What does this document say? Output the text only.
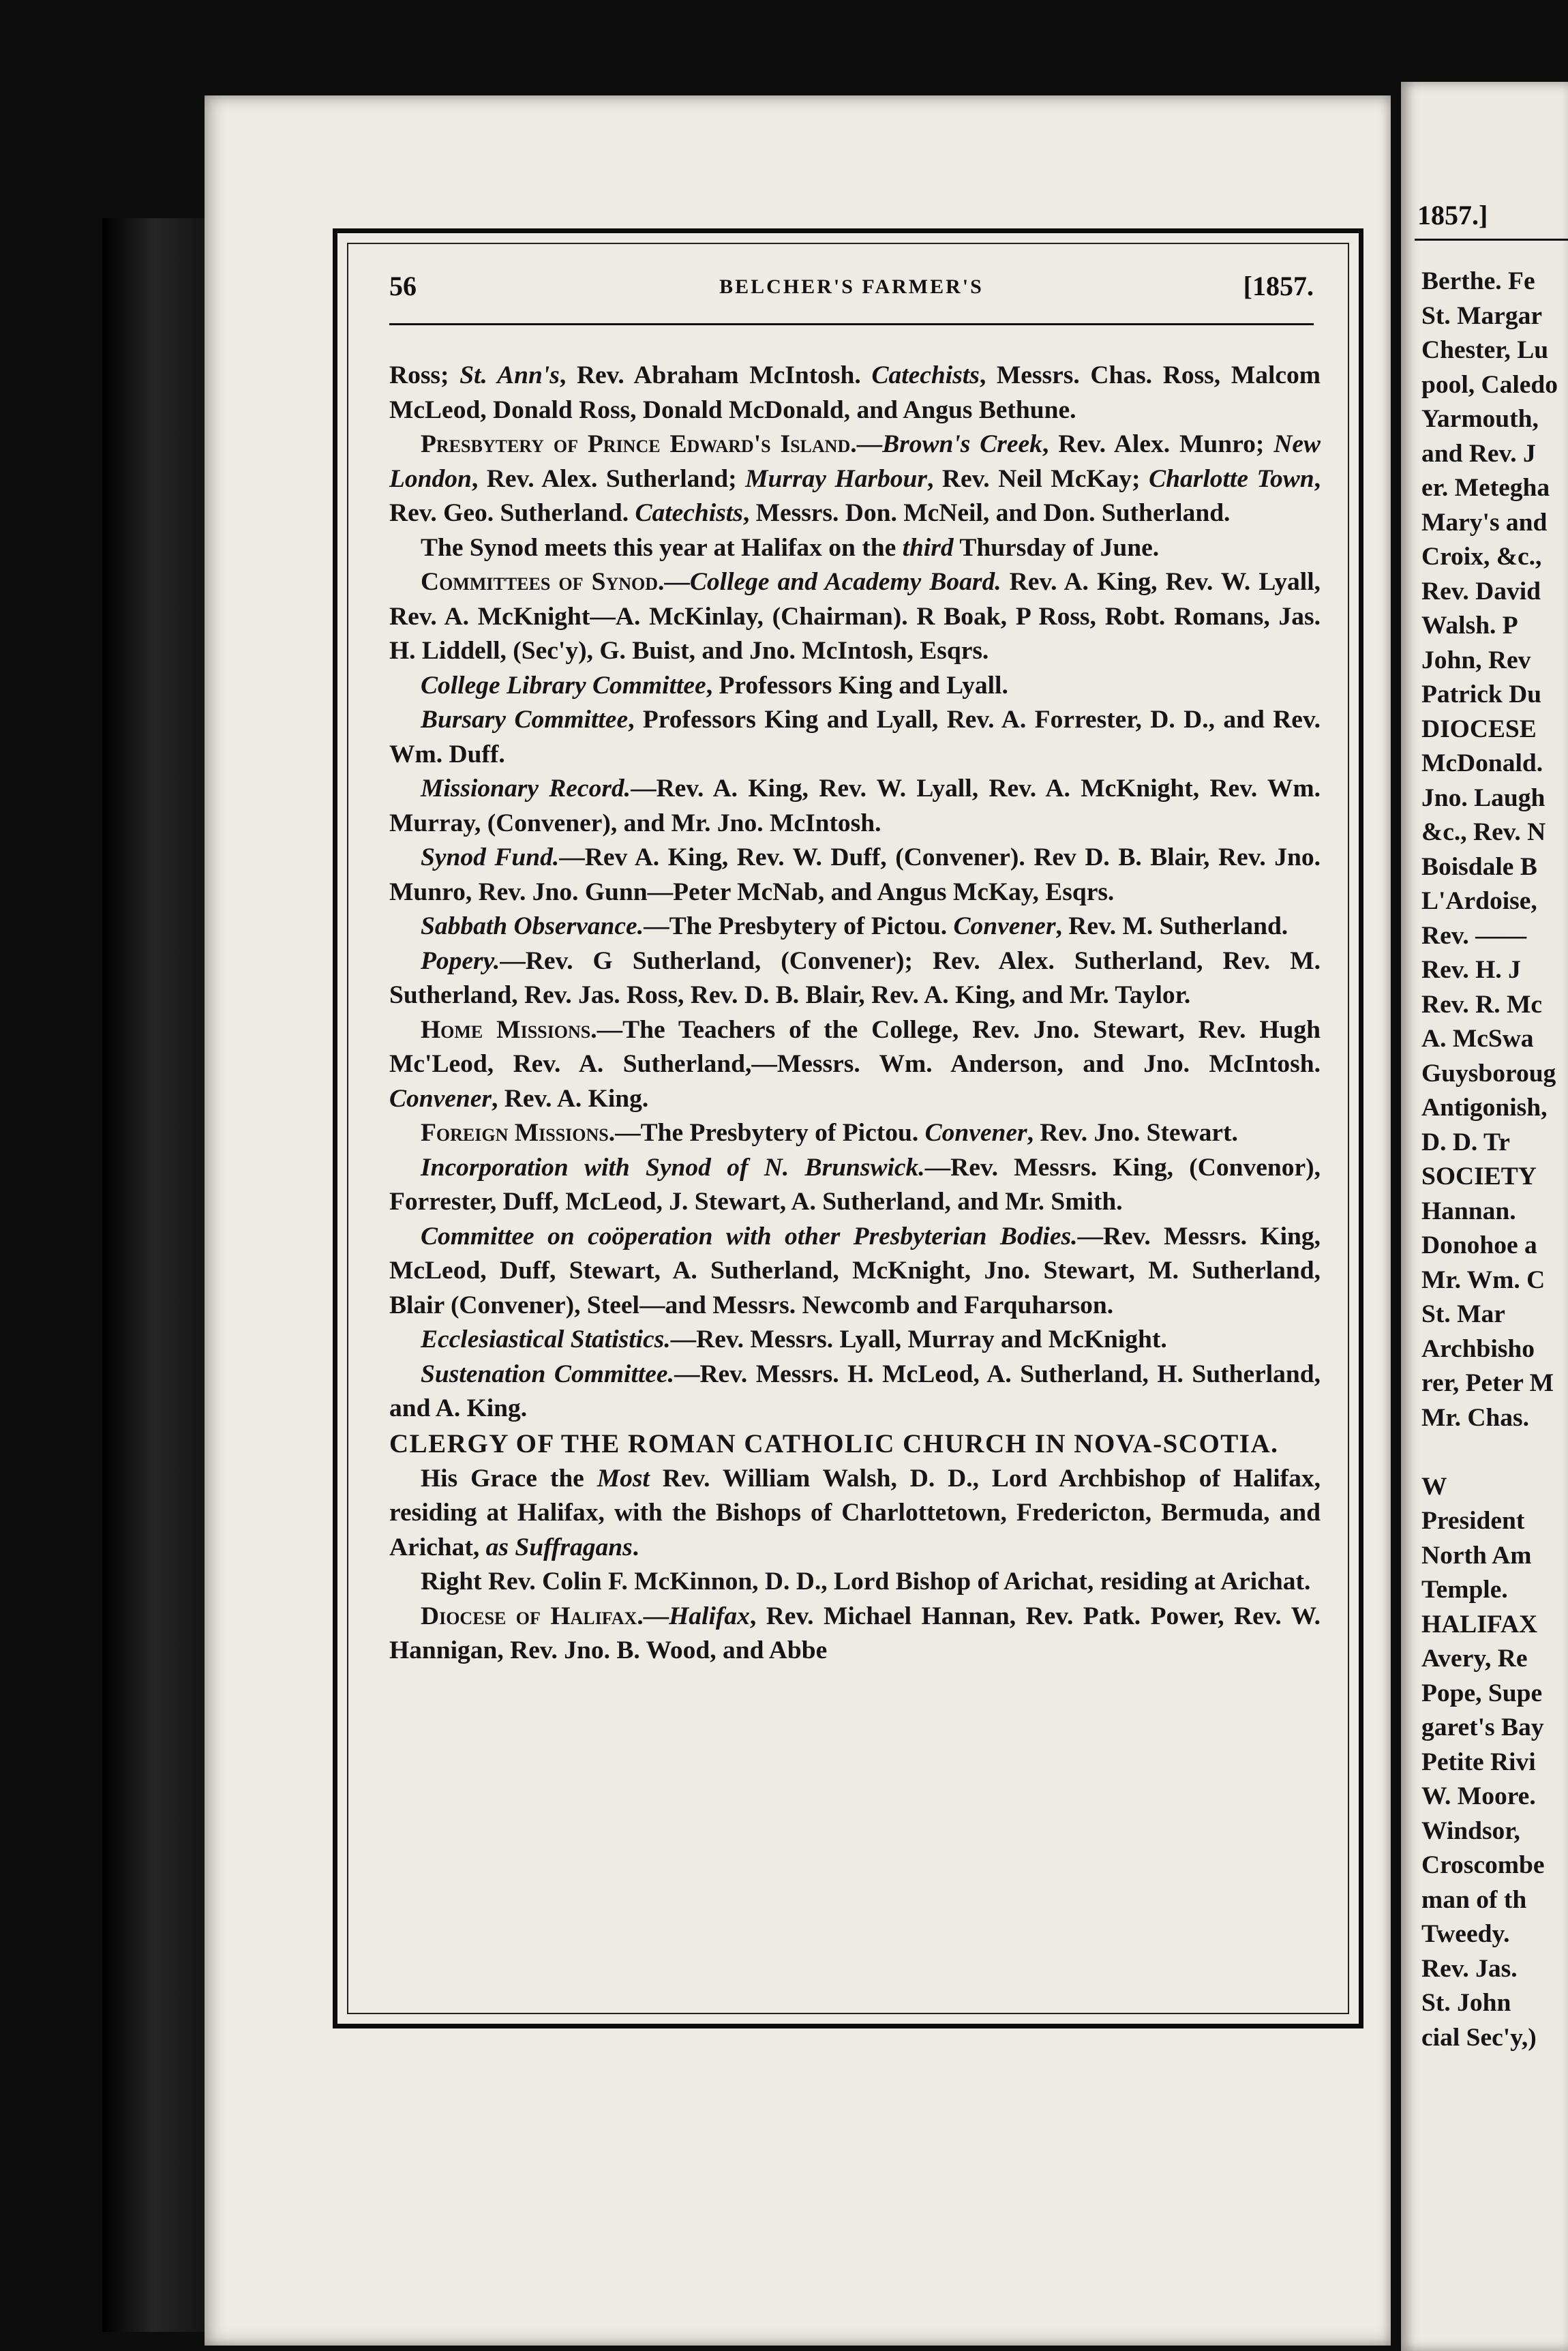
1857.]
Berthe. Fe
St. Margar
Chester, Lu
pool, Caledo
Yarmouth,
and Rev. J
er. Metegha
Mary's and
Croix, &c.,
Rev. David
Walsh. P
John, Rev
Patrick Du
DIOCESE
McDonald.
Jno. Laugh
&c., Rev. N
Boisdale B
L'Ardoise,
Rev. ——
Rev. H. J
Rev. R. Mc
A. McSwa
Guysboroug
Antigonish,
D. D. Tr
SOCIETY
Hannan.
Donohoe a
Mr. Wm. C
St. Mar
Archbisho
rer, Peter M
Mr. Chas.
W
President
North Am
Temple.
HALIFAX
Avery, Re
Pope, Supe
garet's Bay
Petite Rivi
W. Moore.
Windsor,
Croscombe
man of th
Tweedy.
Rev. Jas.
St. John
cial Sec'y,)
56	BELCHER'S FARMER'S	[1857.

Ross; St. Ann's, Rev. Abraham McIntosh. Catechists, Messrs. Chas. Ross, Malcom McLeod, Donald Ross, Donald McDonald, and Angus Bethune.

Presbytery of Prince Edward's Island.—Brown's Creek, Rev. Alex. Munro; New London, Rev. Alex. Sutherland; Murray Harbour, Rev. Neil McKay; Charlotte Town, Rev. Geo. Sutherland. Catechists, Messrs. Don. McNeil, and Don. Sutherland.

The Synod meets this year at Halifax on the third Thursday of June.

Committees of Synod.—College and Academy Board. Rev. A. King, Rev. W. Lyall, Rev. A. McKnight—A. McKinlay, (Chairman). R Boak, P Ross, Robt. Romans, Jas. H. Liddell, (Sec'y), G. Buist, and Jno. McIntosh, Esqrs.

College Library Committee, Professors King and Lyall.

Bursary Committee, Professors King and Lyall, Rev. A. Forrester, D. D., and Rev. Wm. Duff.

Missionary Record.—Rev. A. King, Rev. W. Lyall, Rev. A. McKnight, Rev. Wm. Murray, (Convener), and Mr. Jno. McIntosh.

Synod Fund.—Rev A. King, Rev. W. Duff, (Convener). Rev D. B. Blair, Rev. Jno. Munro, Rev. Jno. Gunn—Peter McNab, and Angus McKay, Esqrs.

Sabbath Observance.—The Presbytery of Pictou. Convener, Rev. M. Sutherland.

Popery.—Rev. G Sutherland, (Convener); Rev. Alex. Sutherland, Rev. M. Sutherland, Rev. Jas. Ross, Rev. D. B. Blair, Rev. A. King, and Mr. Taylor.

Home Missions.—The Teachers of the College, Rev. Jno. Stewart, Rev. Hugh Mc'Leod, Rev. A. Sutherland,—Messrs. Wm. Anderson, and Jno. McIntosh. Convener, Rev. A. King.

Foreign Missions.—The Presbytery of Pictou. Convener, Rev. Jno. Stewart.

Incorporation with Synod of N. Brunswick.—Rev. Messrs. King, (Convenor), Forrester, Duff, McLeod, J. Stewart, A. Sutherland, and Mr. Smith.

Committee on coöperation with other Presbyterian Bodies.—Rev. Messrs. King, McLeod, Duff, Stewart, A. Sutherland, McKnight, Jno. Stewart, M. Sutherland, Blair (Convener), Steel—and Messrs. Newcomb and Farquharson.

Ecclesiastical Statistics.—Rev. Messrs. Lyall, Murray and McKnight.

Sustenation Committee.—Rev. Messrs. H. McLeod, A. Sutherland, H. Sutherland, and A. King.

CLERGY OF THE ROMAN CATHOLIC CHURCH IN NOVA-SCOTIA.

His Grace the Most Rev. William Walsh, D. D., Lord Archbishop of Halifax, residing at Halifax, with the Bishops of Charlottetown, Fredericton, Bermuda, and Arichat, as Suffragans.

Right Rev. Colin F. McKinnon, D. D., Lord Bishop of Arichat, residing at Arichat.

Diocese of Halifax.—Halifax, Rev. Michael Hannan, Rev. Patk. Power, Rev. W. Hannigan, Rev. Jno. B. Wood, and Abbe
